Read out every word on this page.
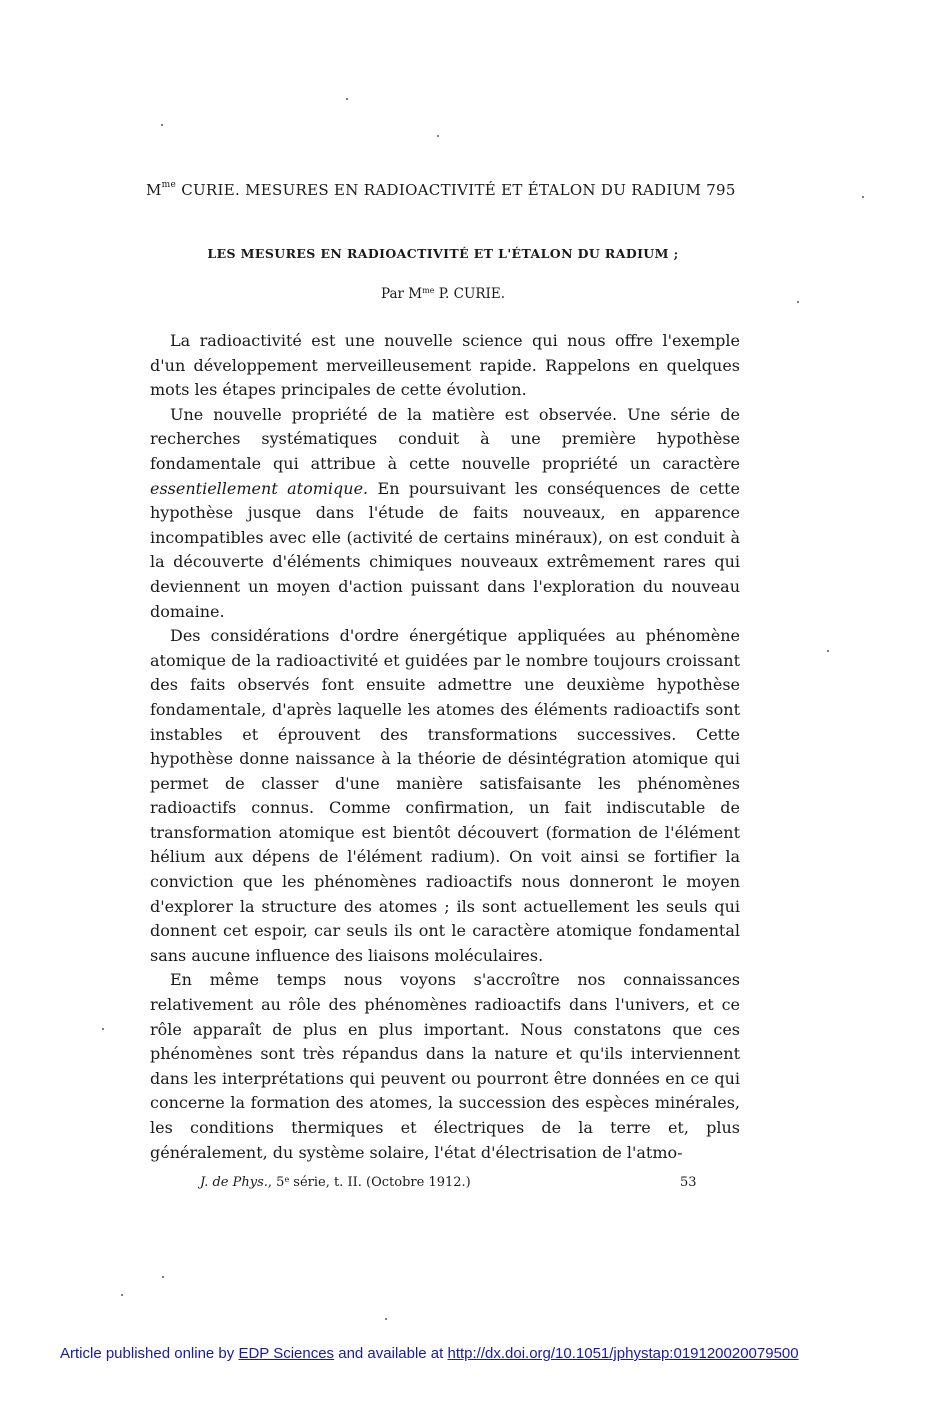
$M^{me}$ CURIE. MESURES EN RADIOACTIVITÉ ET ÉTALON DU RADIUM 795
LES MESURES EN RADIOACTIVITÉ ET L'ÉTALON DU RADIUM ;
Par $M^{me}$ P. CURIE.

La radioactivité est une nouvelle science qui nous offre l'exemple d'un développement merveilleusement rapide. Rappelons en quelques mots les étapes principales de cette évolution.

Une nouvelle propriété de la matière est observée. Une série de recherches systématiques conduit à une première hypothèse fondamentale qui attribue à cette nouvelle propriété un caractère essentiellement atomique. En poursuivant les conséquences de cette hypothèse jusque dans l'étude de faits nouveaux, en apparence incompatibles avec elle (activité de certains minéraux), on est conduit à la découverte d'éléments chimiques nouveaux extrêmement rares qui deviennent un moyen d'action puissant dans l'exploration du nouveau domaine.

Des considérations d'ordre énergétique appliquées au phénomène atomique de la radioactivité et guidées par le nombre toujours croissant des faits observés font ensuite admettre une deuxième hypothèse fondamentale, d'après laquelle les atomes des éléments radioactifs sont instables et éprouvent des transformations successives. Cette hypothèse donne naissance à la théorie de désintégration atomique qui permet de classer d'une manière satisfaisante les phénomènes radioactifs connus. Comme confirmation, un fait indiscutable de transformation atomique est bientôt découvert (formation de l'élément hélium aux dépens de l'élément radium). On voit ainsi se fortifier la conviction que les phénomènes radioactifs nous donneront le moyen d'explorer la structure des atomes ; ils sont actuellement les seuls qui donnent cet espoir, car seuls ils ont le caractère atomique fondamental sans aucune influence des liaisons moléculaires.

En même temps nous voyons s'accroître nos connaissances relativement au rôle des phénomènes radioactifs dans l'univers, et ce rôle apparaît de plus en plus important. Nous constatons que ces phénomènes sont très répandus dans la nature et qu'ils interviennent dans les interprétations qui peuvent ou pourront être données en ce qui concerne la formation des atomes, la succession des espèces minérales, les conditions thermiques et électriques de la terre et, plus généralement, du système solaire, l'état d'électrisation de l'atmo-

J. de Phys., 5e série, t. II. (Octobre 1912.)	53
Article published online by EDP Sciences and available at http://dx.doi.org/10.1051/jphystap:019120020079500
